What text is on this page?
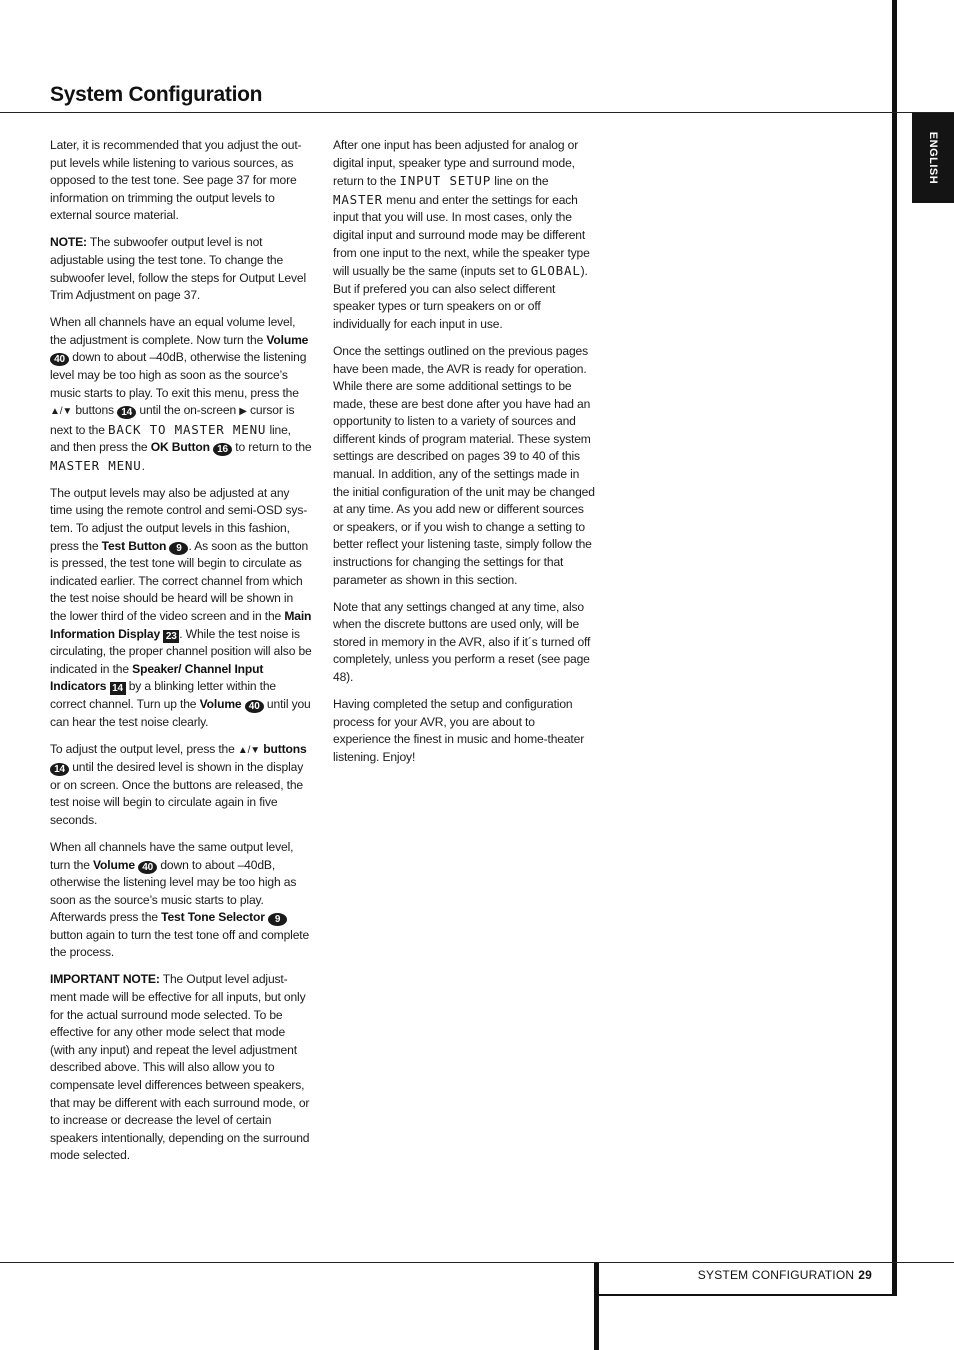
System Configuration
ENGLISH

Later, it is recommended that you adjust the out-put levels while listening to various sources, as opposed to the test tone. See page 37 for more information on trimming the output levels to external source material.

NOTE: The subwoofer output level is not adjustable using the test tone. To change the subwoofer level, follow the steps for Output Level Trim Adjustment on page 37.

When all channels have an equal volume level, the adjustment is complete. Now turn the Volume 40 down to about –40dB, otherwise the listening level may be too high as soon as the source’s music starts to play. To exit this menu, press the ▲/▼ buttons 14 until the on-screen ▶ cursor is next to the BACK TO MASTER MENU line, and then press the OK Button 16 to return to the MASTER MENU.

The output levels may also be adjusted at any time using the remote control and semi-OSD sys-tem. To adjust the output levels in this fashion, press the Test Button 9 . As soon as the button is pressed, the test tone will begin to circulate as indicated earlier. The correct channel from which the test noise should be heard will be shown in the lower third of the video screen and in the Main Information Display 23 . While the test noise is circulating, the proper channel position will also be indicated in the Speaker/ Channel Input Indicators 14 by a blinking letter within the correct channel. Turn up the Volume 40 until you can hear the test noise clearly.

To adjust the output level, press the ▲/▼ buttons 14 until the desired level is shown in the display or on screen. Once the buttons are released, the test noise will begin to circulate again in five seconds.

When all channels have the same output level, turn the Volume 40 down to about –40dB, otherwise the listening level may be too high as soon as the source’s music starts to play. Afterwards press the Test Tone Selector 9 button again to turn the test tone off and complete the process.

IMPORTANT NOTE: The Output level adjust-ment made will be effective for all inputs, but only for the actual surround mode selected. To be effective for any other mode select that mode (with any input) and repeat the level adjustment described above. This will also allow you to compensate level differences between speakers, that may be different with each surround mode, or to increase or decrease the level of certain speakers intentionally, depending on the surround mode selected.

After one input has been adjusted for analog or digital input, speaker type and surround mode, return to the INPUT SETUP line on the MASTER menu and enter the settings for each input that you will use. In most cases, only the digital input and surround mode may be different from one input to the next, while the speaker type will usually be the same (inputs set to GLOBAL). But if prefered you can also select different speaker types or turn speakers on or off individually for each input in use.

Once the settings outlined on the previous pages have been made, the AVR is ready for operation. While there are some additional settings to be made, these are best done after you have had an opportunity to listen to a variety of sources and different kinds of program material. These system settings are described on pages 39 to 40 of this manual. In addition, any of the settings made in the initial configuration of the unit may be changed at any time. As you add new or different sources or speakers, or if you wish to change a setting to better reflect your listening taste, simply follow the instructions for changing the settings for that parameter as shown in this section.

Note that any settings changed at any time, also when the discrete buttons are used only, will be stored in memory in the AVR, also if it´s turned off completely, unless you perform a reset (see page 48).

Having completed the setup and configuration process for your AVR, you are about to experience the finest in music and home-theater listening. Enjoy!

SYSTEM CONFIGURATION 29
